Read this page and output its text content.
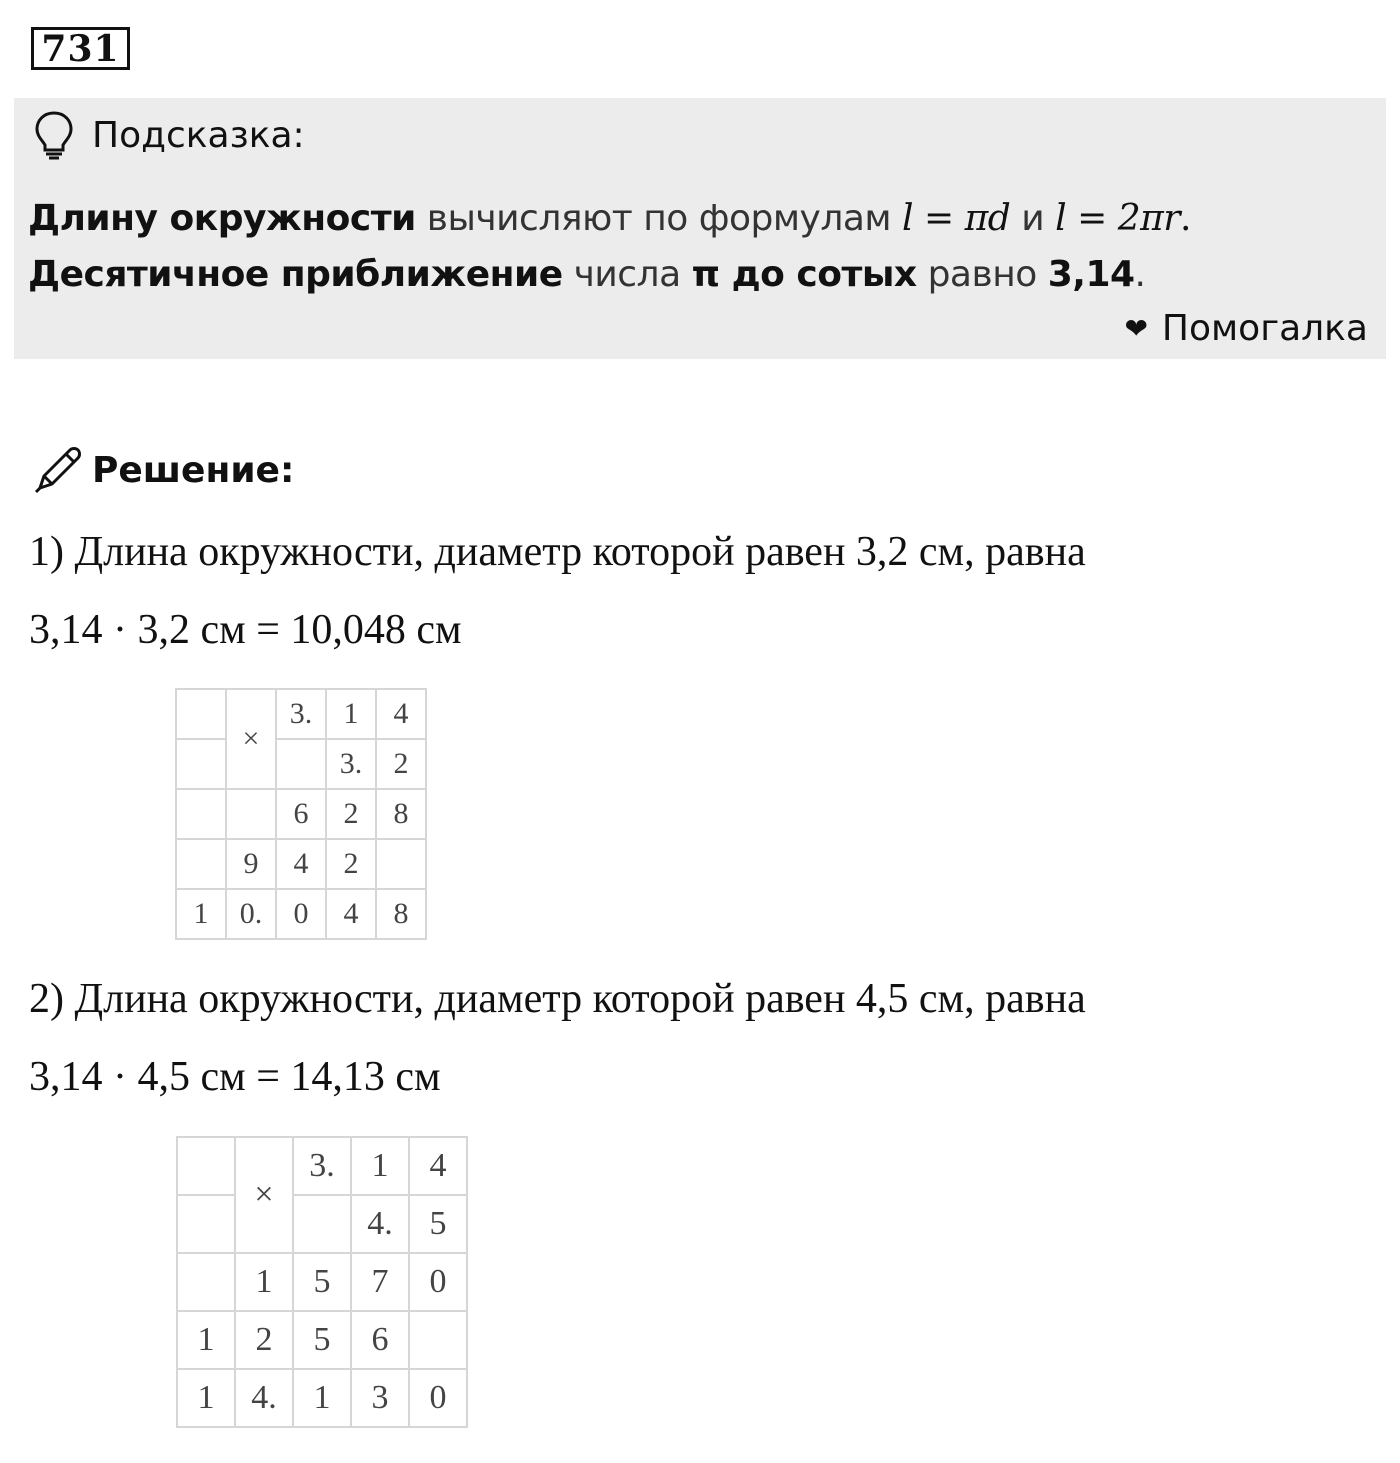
731
Подсказка:
Длину окружности вычисляют по формулам l = πd и l = 2πr.
Десятичное приближение числа π до сотых равно 3,14.
❤ Помогалка
Решение:
1) Длина окружности, диаметр которой равен 3,2 см, равна
3,14 · 3,2 см = 10,048 см
	×	3.	1	4
			3.	2
		6	2	8
	9	4	2	
1	0.	0	4	8
2) Длина окружности, диаметр которой равен 4,5 см, равна
3,14 · 4,5 см = 14,13 см
	×	3.	1	4
			4.	5
	1	5	7	0
1	2	5	6	
1	4.	1	3	0
